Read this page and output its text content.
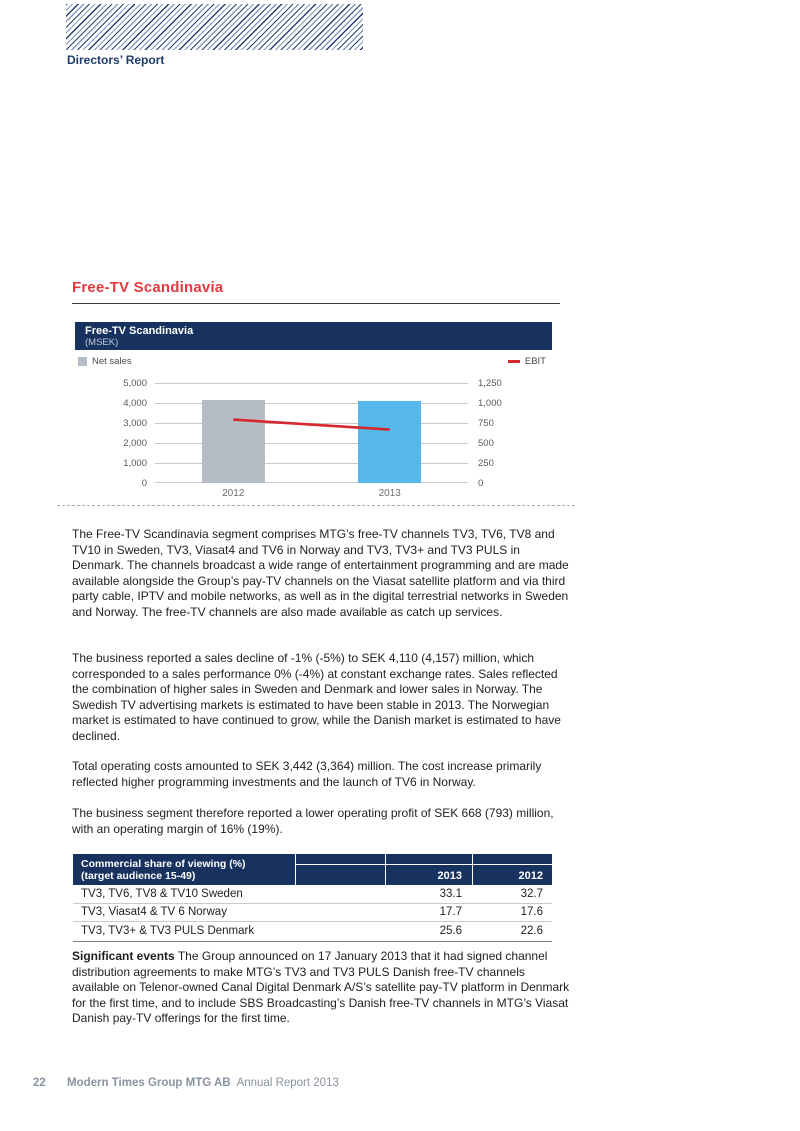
Directors’ Report
Free-TV Scandinavia
Free-TV Scandinavia
(MSEK)
Net sales	EBIT
2012	2013
5,000	1,250
4,000	1,000
3,000	750
2,000	500
1,000	250
0	0

The Free-TV Scandinavia segment comprises MTG’s free-TV channels TV3, TV6, TV8 and TV10 in Sweden, TV3, Viasat4 and TV6 in Norway and TV3, TV3+ and TV3 PULS in Denmark. The channels broadcast a wide range of entertainment programming and are made available alongside the Group’s pay-TV channels on the Viasat satellite platform and via third party cable, IPTV and mobile networks, as well as in the digital terrestrial networks in Sweden and Norway. The free-TV channels are also made available as catch up services.

The business reported a sales decline of -1% (-5%) to SEK 4,110 (4,157) million, which corresponded to a sales performance 0% (-4%) at constant exchange rates. Sales reflected the combination of higher sales in Sweden and Denmark and lower sales in Norway. The Swedish TV advertising markets is estimated to have been stable in 2013. The Norwegian market is estimated to have continued to grow, while the Danish market is estimated to have declined.

Total operating costs amounted to SEK 3,442 (3,364) million. The cost increase primarily reflected higher programming investments and the launch of TV6 in Norway.

The business segment therefore reported a lower operating profit of SEK 668 (793) million, with an operating margin of 16% (19%).

Commercial share of viewing (%)
(target audience 15-49)	2013	2012
TV3, TV6, TV8 & TV10 Sweden	33.1	32.7
TV3, Viasat4 & TV 6 Norway	17.7	17.6
TV3, TV3+ & TV3 PULS Denmark	25.6	22.6

Significant events The Group announced on 17 January 2013 that it had signed channel distribution agreements to make MTG’s TV3 and TV3 PULS Danish free-TV channels available on Telenor-owned Canal Digital Denmark A/S’s satellite pay-TV platform in Denmark for the first time, and to include SBS Broadcasting’s Danish free-TV channels in MTG’s Viasat Danish pay-TV offerings for the first time.

22	Modern Times Group MTG AB Annual Report 2013
